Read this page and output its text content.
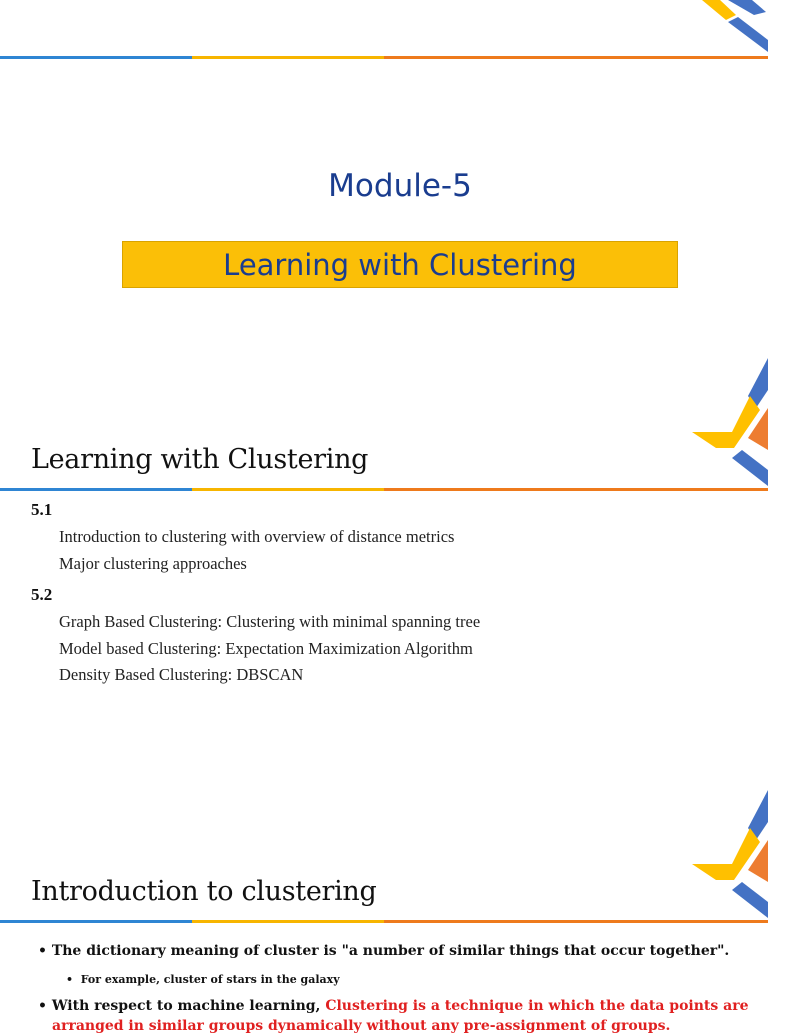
Module-5
Learning with Clustering
Learning with Clustering
5.1
Introduction to clustering with overview of distance metrics
Major clustering approaches
5.2
Graph Based Clustering: Clustering with minimal spanning tree
Model based Clustering: Expectation Maximization Algorithm
Density Based Clustering: DBSCAN
Introduction to clustering
• The dictionary meaning of cluster is "a number of similar things that occur together".
•  For example, cluster of stars in the galaxy
• With respect to machine learning, Clustering is a technique in which the data points are arranged in similar groups dynamically without any pre-assignment of groups.
